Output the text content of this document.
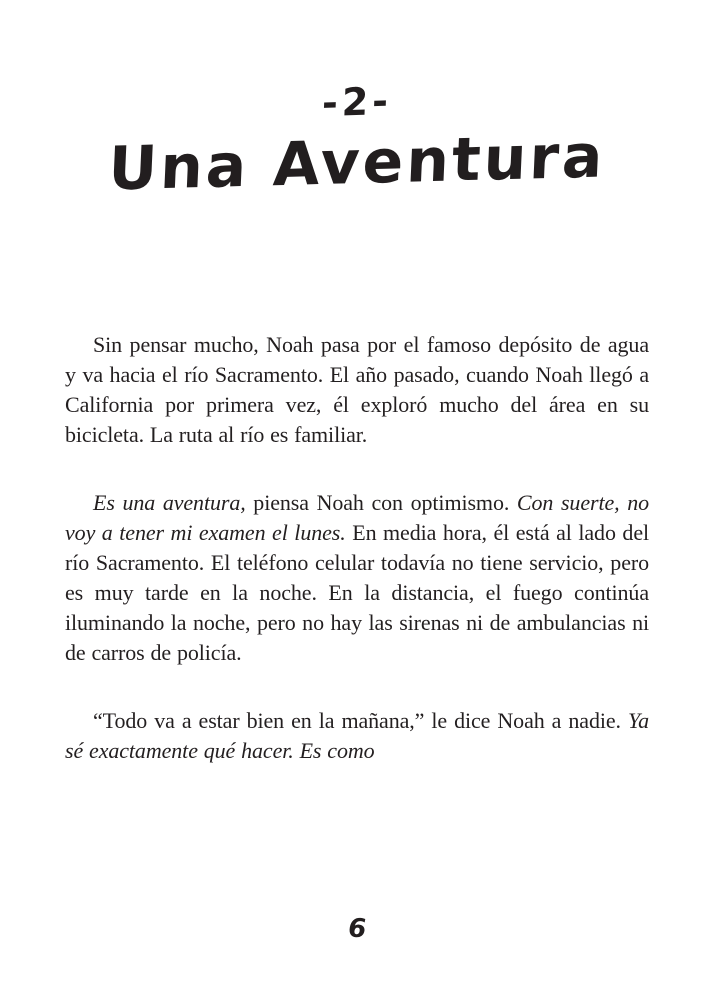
-2-
Una Aventura

Sin pensar mucho, Noah pasa por el famoso depósito de agua y va hacia el río Sacramento. El año pasado, cuando Noah llegó a California por primera vez, él exploró mucho del área en su bicicleta. La ruta al río es familiar.

Es una aventura, piensa Noah con optimismo. Con suerte, no voy a tener mi examen el lunes. En media hora, él está al lado del río Sacramento. El teléfono celular todavía no tiene servicio, pero es muy tarde en la noche. En la distancia, el fuego continúa iluminando la noche, pero no hay las sirenas ni de ambulancias ni de carros de policía.

“Todo va a estar bien en la mañana,” le dice Noah a nadie. Ya sé exactamente qué hacer. Es como

6
